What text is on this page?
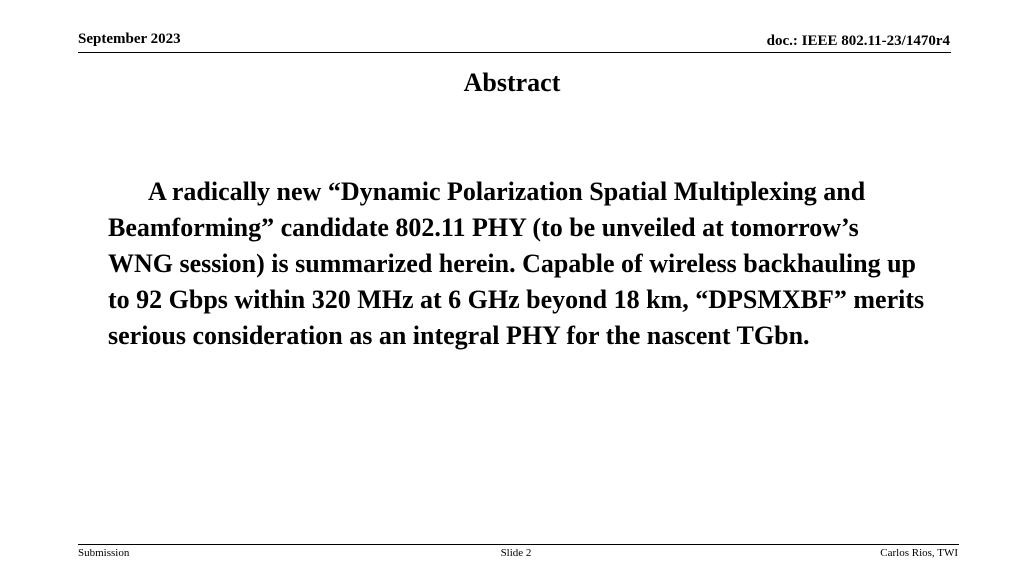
September 2023	doc.: IEEE 802.11-23/1470r4
Abstract

A radically new “Dynamic Polarization Spatial Multiplexing and Beamforming” candidate 802.11 PHY (to be unveiled at tomorrow’s WNG session) is summarized herein. Capable of wireless backhauling up to 92 Gbps within 320 MHz at 6 GHz beyond 18 km, “DPSMXBF” merits serious consideration as an integral PHY for the nascent TGbn.

Submission	Slide 2	Carlos Rios, TWI
